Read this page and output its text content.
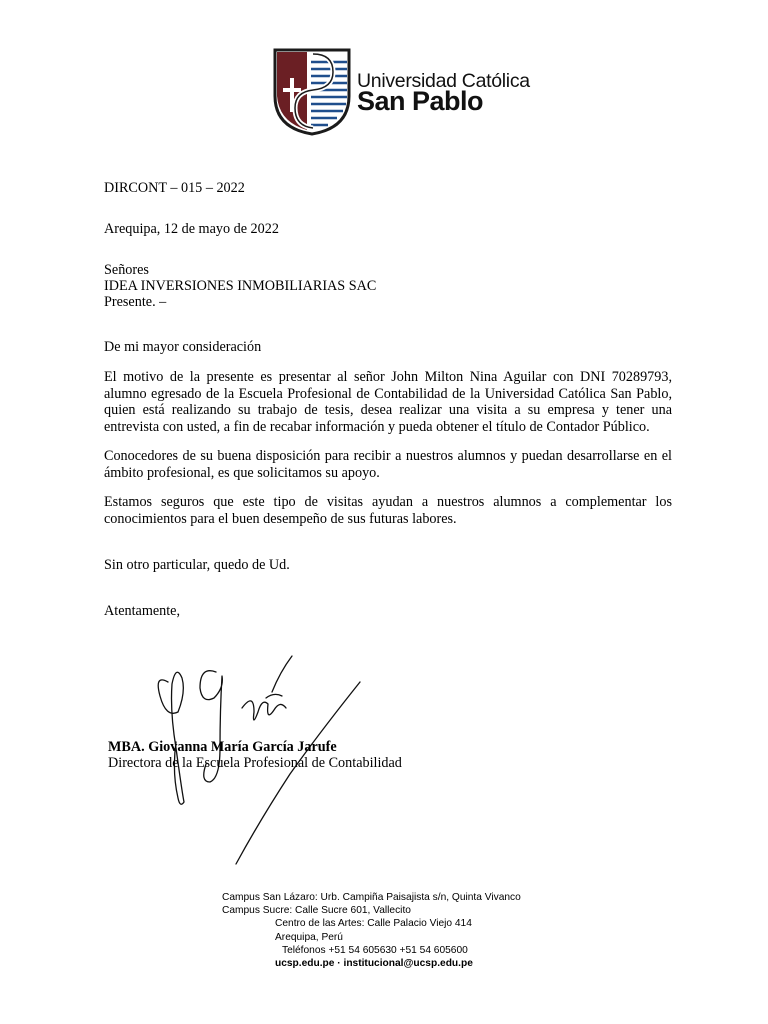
Universidad Católica
San Pablo
DIRCONT – 015 – 2022
Arequipa, 12 de mayo de 2022
Señores
IDEA INVERSIONES INMOBILIARIAS SAC
Presente. –
De mi mayor consideración

El motivo de la presente es presentar al señor John Milton Nina Aguilar con DNI 70289793, alumno egresado de la Escuela Profesional de Contabilidad de la Universidad Católica San Pablo, quien está realizando su trabajo de tesis, desea realizar una visita a su empresa y tener una entrevista con usted, a fin de recabar información y pueda obtener el título de Contador Público.

Conocedores de su buena disposición para recibir a nuestros alumnos y puedan desarrollarse en el ámbito profesional, es que solicitamos su apoyo.

Estamos seguros que este tipo de visitas ayudan a nuestros alumnos a complementar los conocimientos para el buen desempeño de sus futuras labores.

Sin otro particular, quedo de Ud.
Atentamente,
MBA. Giovanna María García Jarufe
Directora de la Escuela Profesional de Contabilidad
Campus San Lázaro: Urb. Campiña Paisajista s/n, Quinta Vivanco
Campus Sucre: Calle Sucre 601, Vallecito
Centro de las Artes: Calle Palacio Viejo 414
Arequipa, Perú
Teléfonos +51 54 605630 +51 54 605600
ucsp.edu.pe · institucional@ucsp.edu.pe
